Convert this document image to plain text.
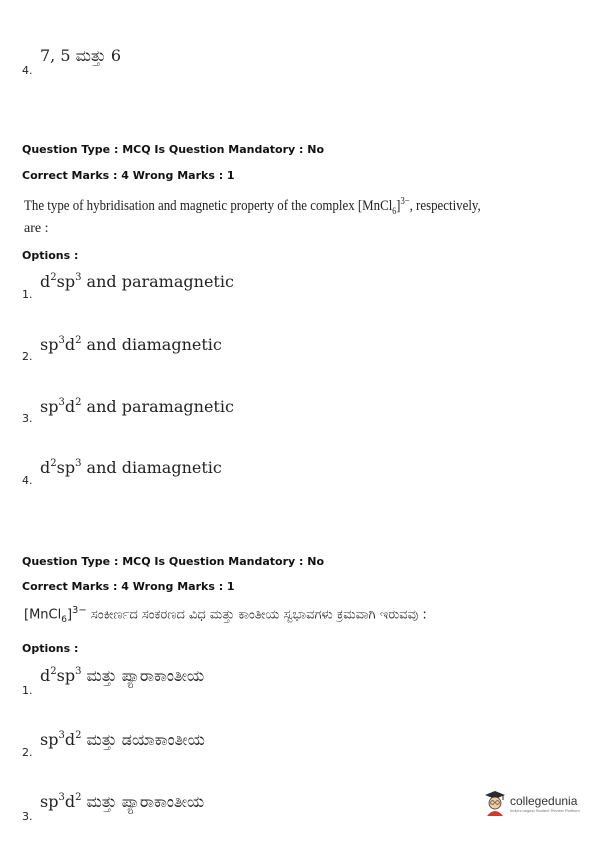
4.
7, 5 ಮತ್ತು 6
Question Type : MCQ Is Question Mandatory : No
Correct Marks : 4 Wrong Marks : 1
The type of hybridisation and magnetic property of the complex [MnCl$_6$]$^{3-}$, respectively,
are :
Options :
1.
$d^2sp^3$ and paramagnetic
2.
$sp^3d^2$ and diamagnetic
3.
$sp^3d^2$ and paramagnetic
4.
$d^2sp^3$ and diamagnetic
Question Type : MCQ Is Question Mandatory : No
Correct Marks : 4 Wrong Marks : 1
[MnCl$_6$]$^{3-}$ ಸಂಕೀರ್ಣದ ಸಂಕರಣದ ವಿಧ ಮತ್ತು ಕಾಂತೀಯ ಸ್ವಭಾವಗಳು ಕ್ರಮವಾಗಿ ಇರುವವು :
Options :
1.
$d^2sp^3$ ಮತ್ತು ಪ್ಯಾರಾಕಾಂತೀಯ
2.
$sp^3d^2$ ಮತ್ತು ಡಯಾಕಾಂತೀಯ
3.
$sp^3d^2$ ಮತ್ತು ಪ್ಯಾರಾಕಾಂತೀಯ	collegedunia
India's largest Student Review Platform
